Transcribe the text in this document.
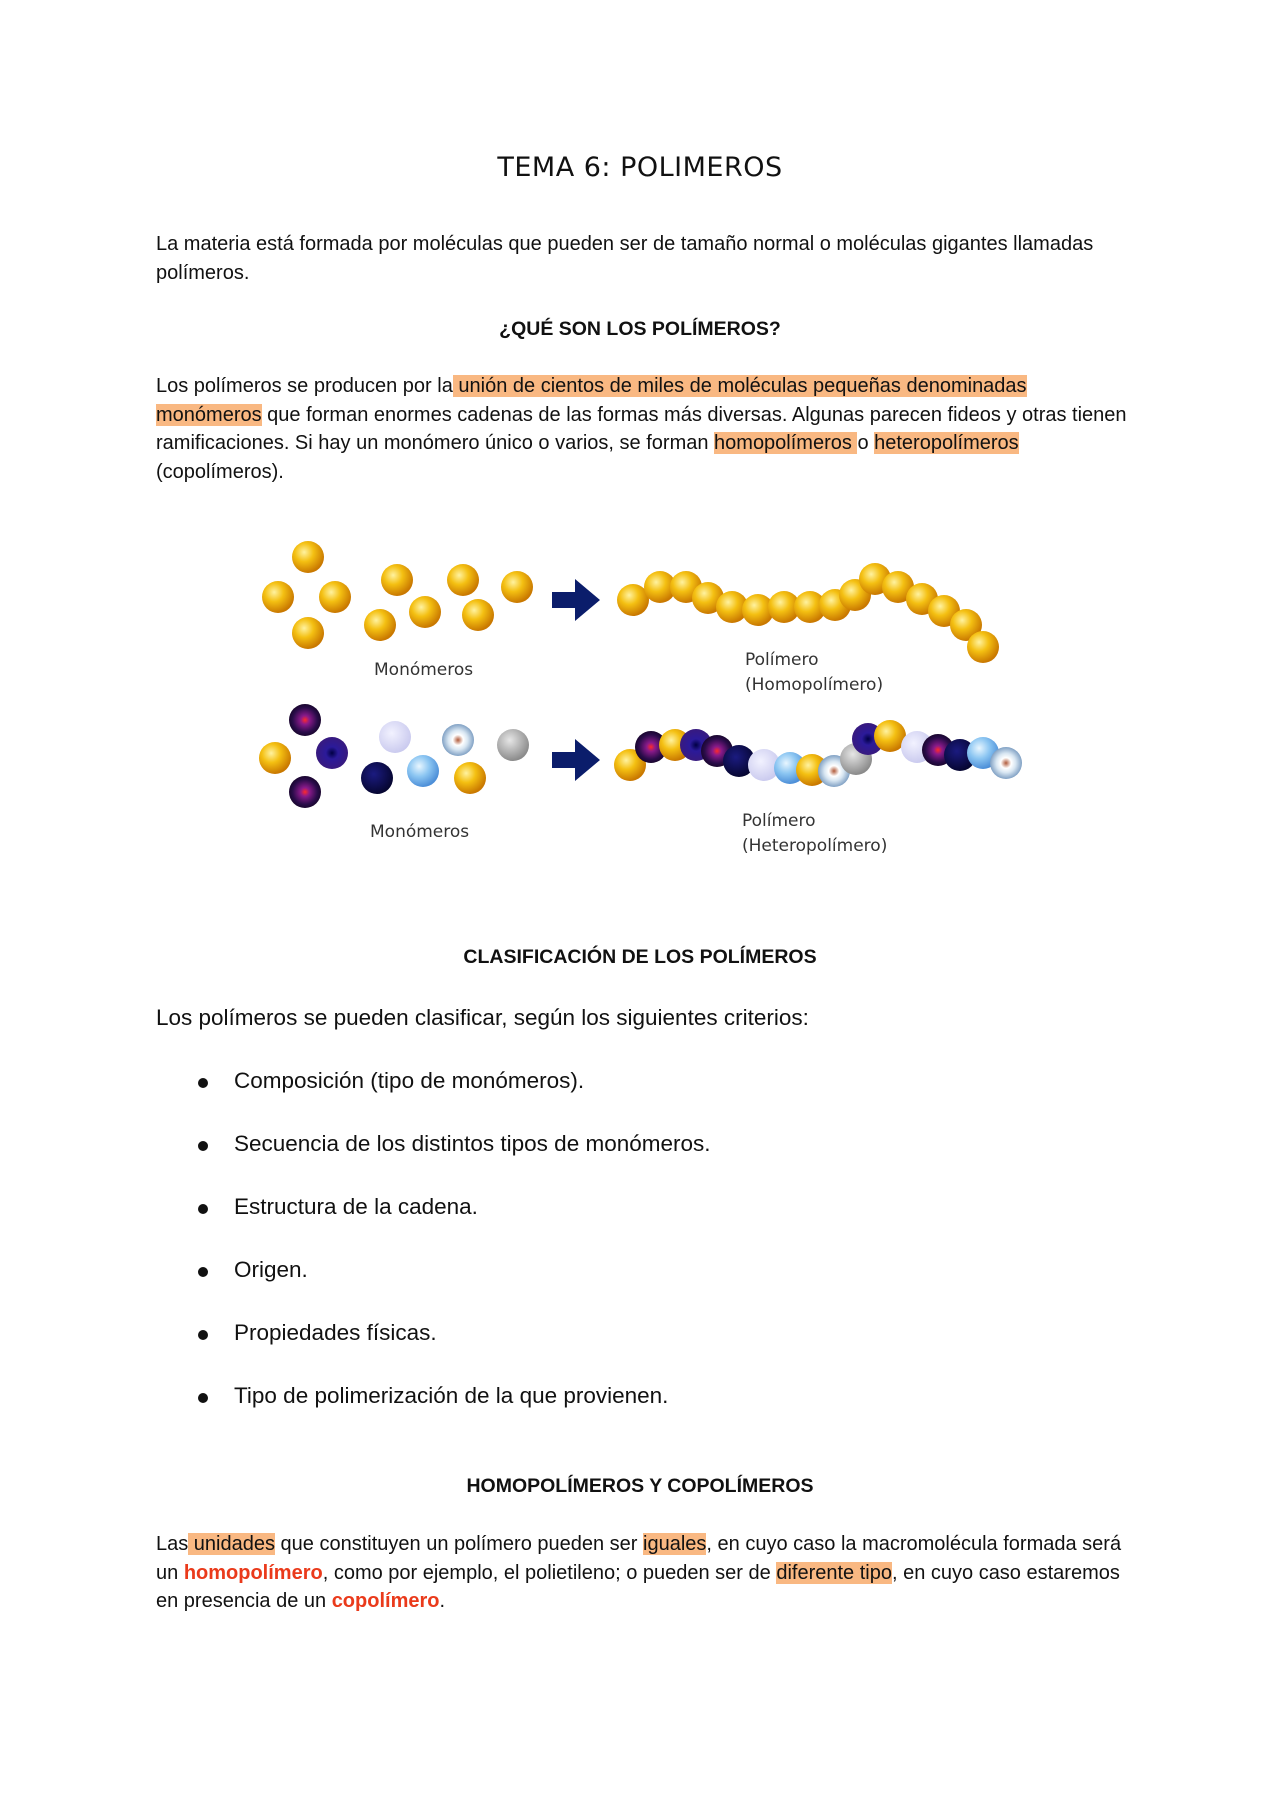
TEMA 6: POLIMEROS
La materia está formada por moléculas que pueden ser de tamaño normal o moléculas gigantes llamadas polímeros.
¿QUÉ SON LOS POLÍMEROS?
Los polímeros se producen por la unión de cientos de miles de moléculas pequeñas denominadas monómeros que forman enormes cadenas de las formas más diversas. Algunas parecen fideos y otras tienen ramificaciones. Si hay un monómero único o varios, se forman homopolímeros o heteropolímeros (copolímeros).
Monómeros	Polímero
(Homopolímero)
Monómeros
Polímero
(Heteropolímero)
CLASIFICACIÓN DE LOS POLÍMEROS
Los polímeros se pueden clasificar, según los siguientes criterios:
Composición (tipo de monómeros).
Secuencia de los distintos tipos de monómeros.
Estructura de la cadena.
Origen.
Propiedades físicas.
Tipo de polimerización de la que provienen.
HOMOPOLÍMEROS Y COPOLÍMEROS
Las unidades que constituyen un polímero pueden ser iguales, en cuyo caso la macromolécula formada será un homopolímero, como por ejemplo, el polietileno; o pueden ser de diferente tipo, en cuyo caso estaremos en presencia de un copolímero.
